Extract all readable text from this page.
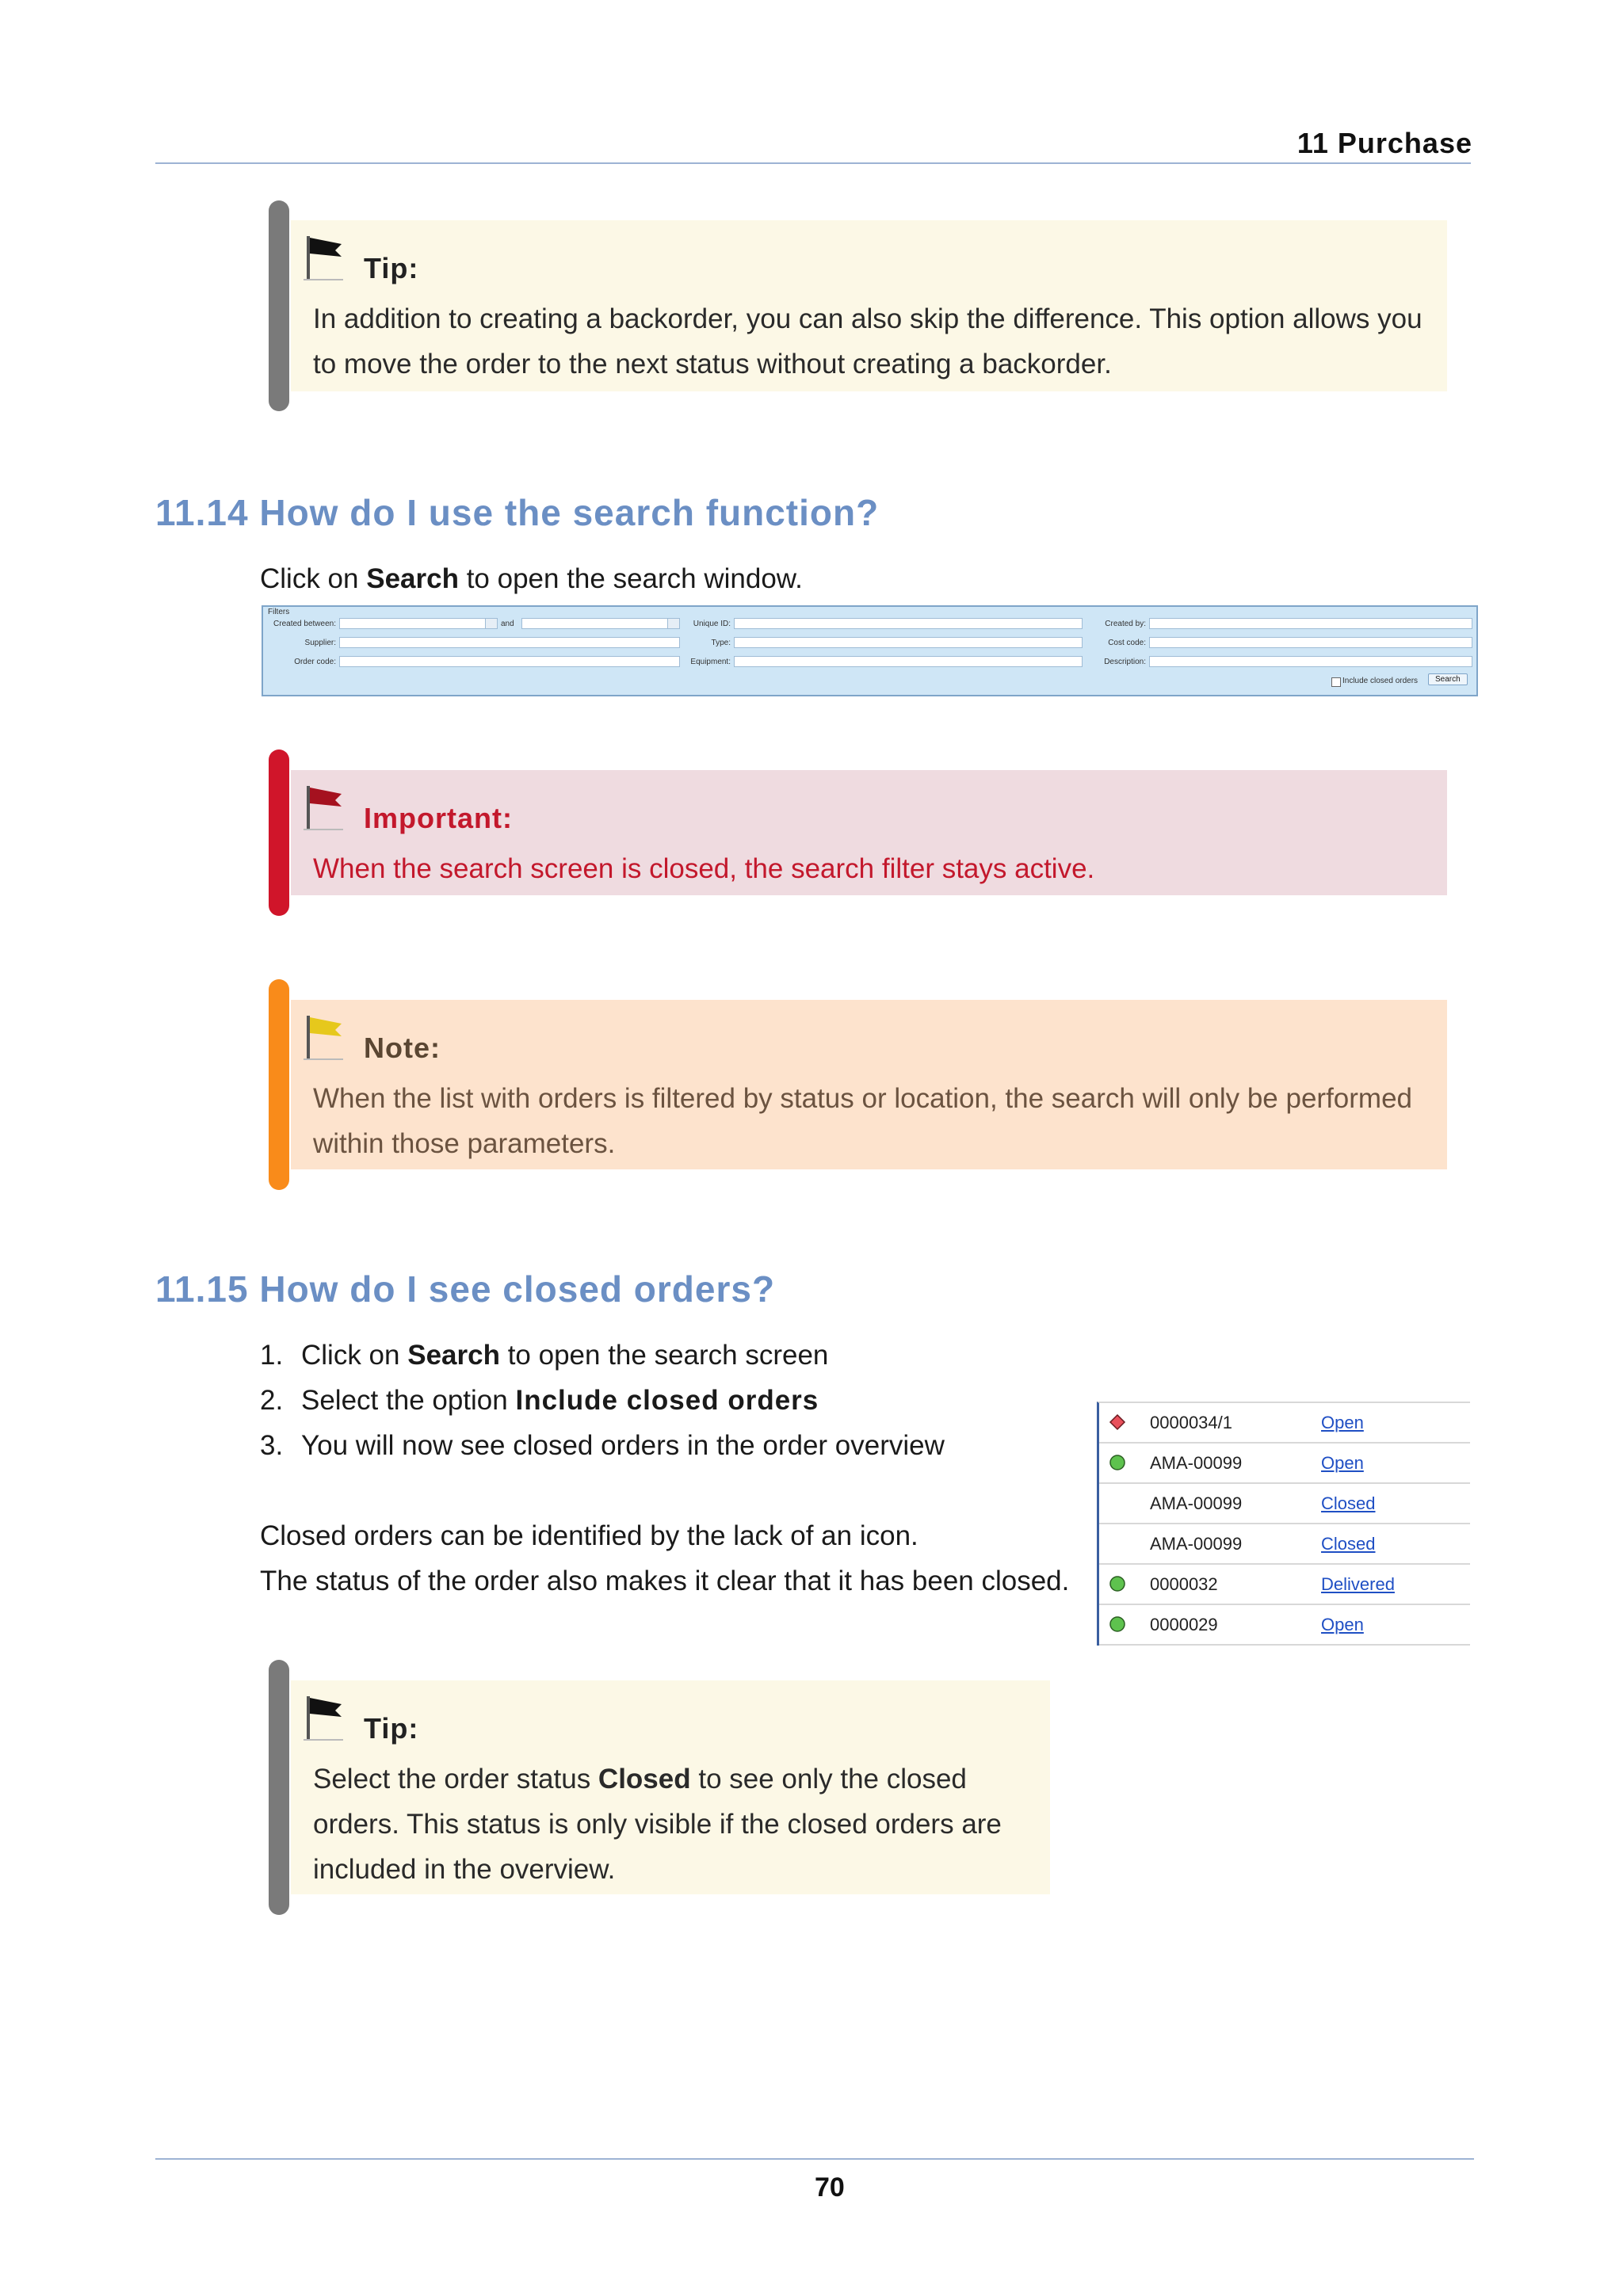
11 Purchase
Tip:
In addition to creating a backorder, you can also skip the difference. This option allows you to move the order to the next status without creating a backorder.
11.14 How do I use the search function?
Click on Search to open the search window.
Filters
Created between:	and	Unique ID:	Created by:
Supplier:	Type:	Cost code:
Order code:	Equipment:	Description:
Include closed orders	Search
Important:
When the search screen is closed, the search filter stays active.
Note:
When the list with orders is filtered by status or location, the search will only be performed within those parameters.
11.15 How do I see closed orders?
1. Click on Search to open the search screen
2. Select the option Include closed orders
3. You will now see closed orders in the order overview
Closed orders can be identified by the lack of an icon.
The status of the order also makes it clear that it has been closed.
0000034/1	Open
AMA-00099	Open
AMA-00099	Closed
AMA-00099	Closed
0000032	Delivered
0000029	Open
Tip:
Select the order status Closed to see only the closed orders. This status is only visible if the closed orders are included in the overview.
70
